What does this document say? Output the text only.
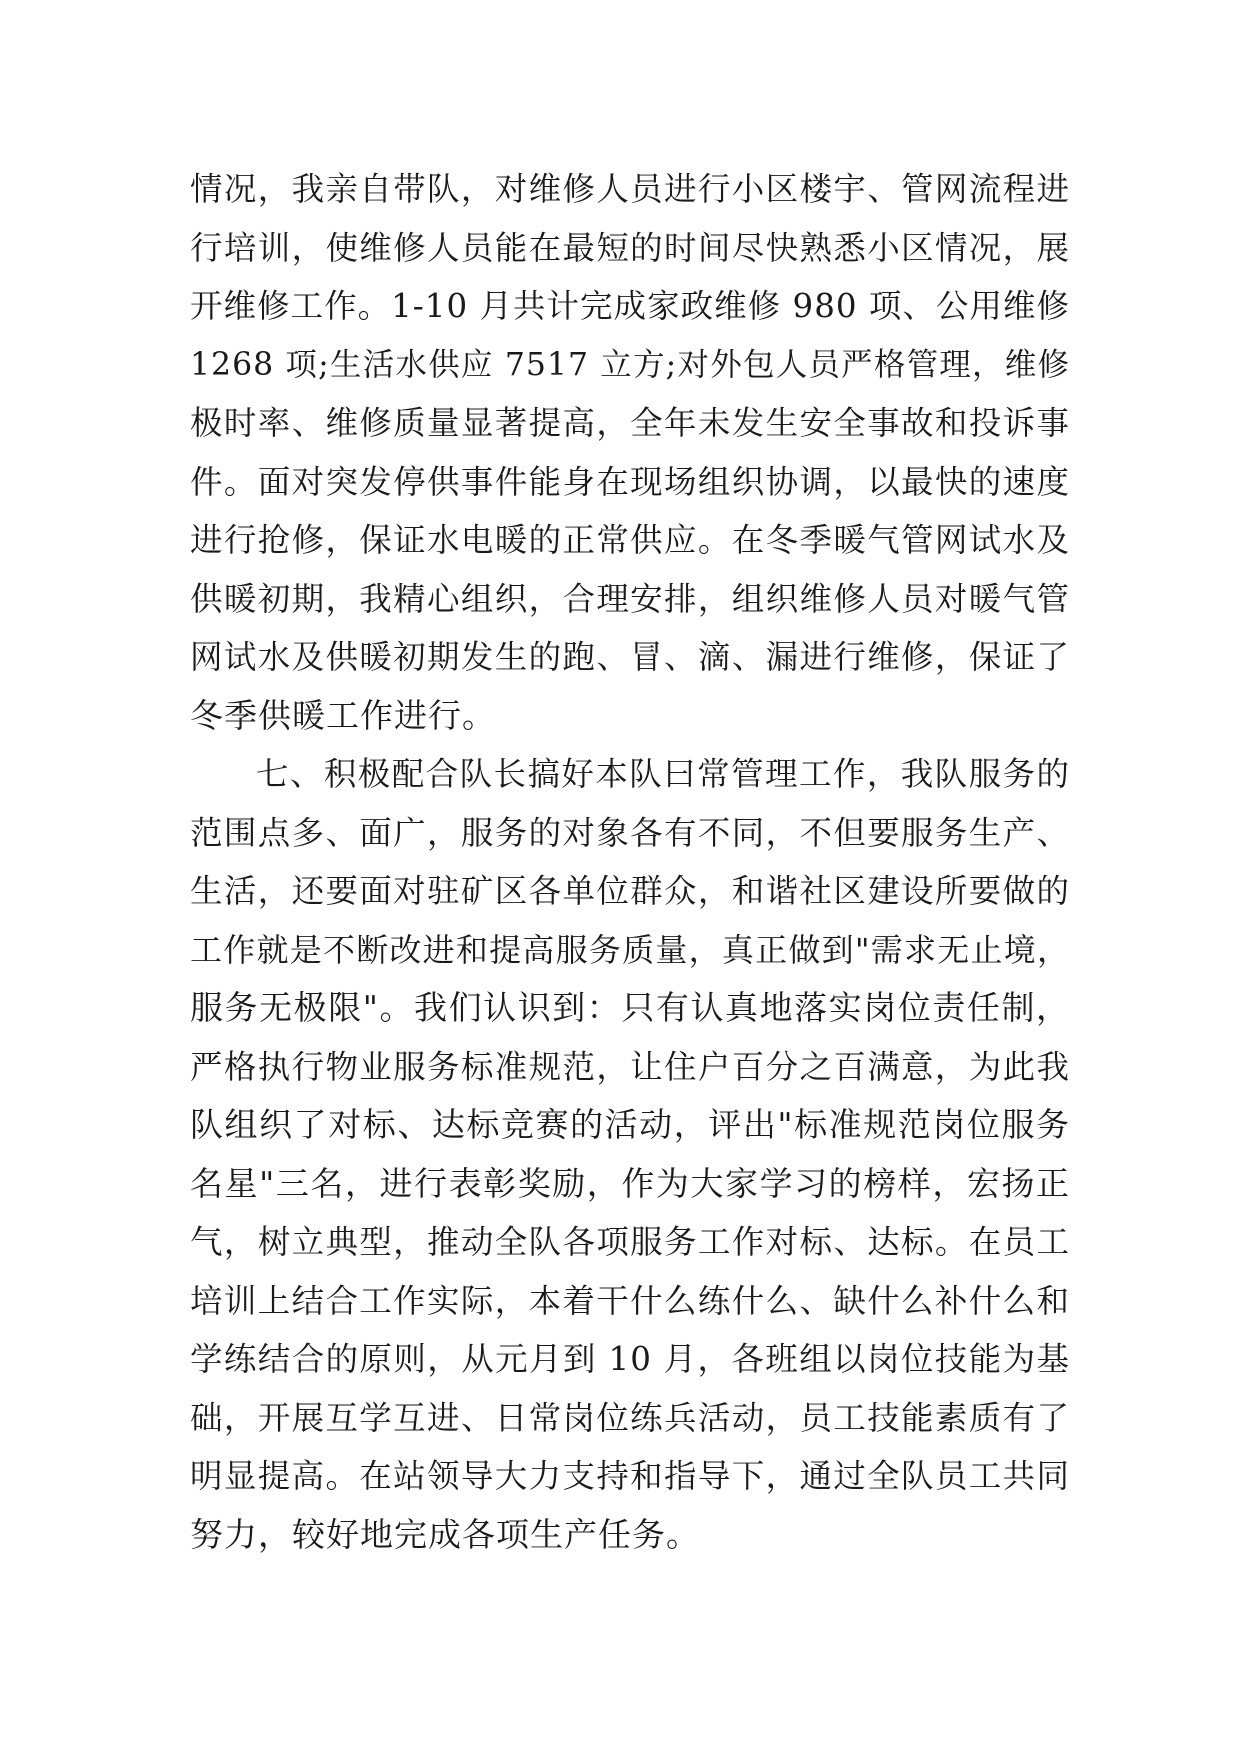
情况，我亲自带队，对维修人员进行小区楼宇、管网流程进
行培训，使维修人员能在最短的时间尽快熟悉小区情况，展
开维修工作。1-10 月共计完成家政维修 980 项、公用维修
1268 项;生活水供应 7517 立方;对外包人员严格管理，维修
极时率、维修质量显著提高，全年未发生安全事故和投诉事
件。面对突发停供事件能身在现场组织协调，以最快的速度
进行抢修，保证水电暖的正常供应。在冬季暖气管网试水及
供暖初期，我精心组织，合理安排，组织维修人员对暖气管
网试水及供暖初期发生的跑、冒、滴、漏进行维修，保证了
冬季供暖工作进行。
七、积极配合队长搞好本队曰常管理工作，我队服务的
范围点多、面广，服务的对象各有不同，不但要服务生产、
生活，还要面对驻矿区各单位群众，和谐社区建设所要做的
工作就是不断改进和提高服务质量，真正做到"需求无止境，
服务无极限"。我们认识到：只有认真地落实岗位责任制，
严格执行物业服务标准规范，让住户百分之百满意，为此我
队组织了对标、达标竞赛的活动，评出"标准规范岗位服务
名星"三名，进行表彰奖励，作为大家学习的榜样，宏扬正
气，树立典型，推动全队各项服务工作对标、达标。在员工
培训上结合工作实际，本着干什么练什么、缺什么补什么和
学练结合的原则，从元月到 10 月，各班组以岗位技能为基
础，开展互学互进、日常岗位练兵活动，员工技能素质有了
明显提高。在站领导大力支持和指导下，通过全队员工共同
努力，较好地完成各项生产任务。
